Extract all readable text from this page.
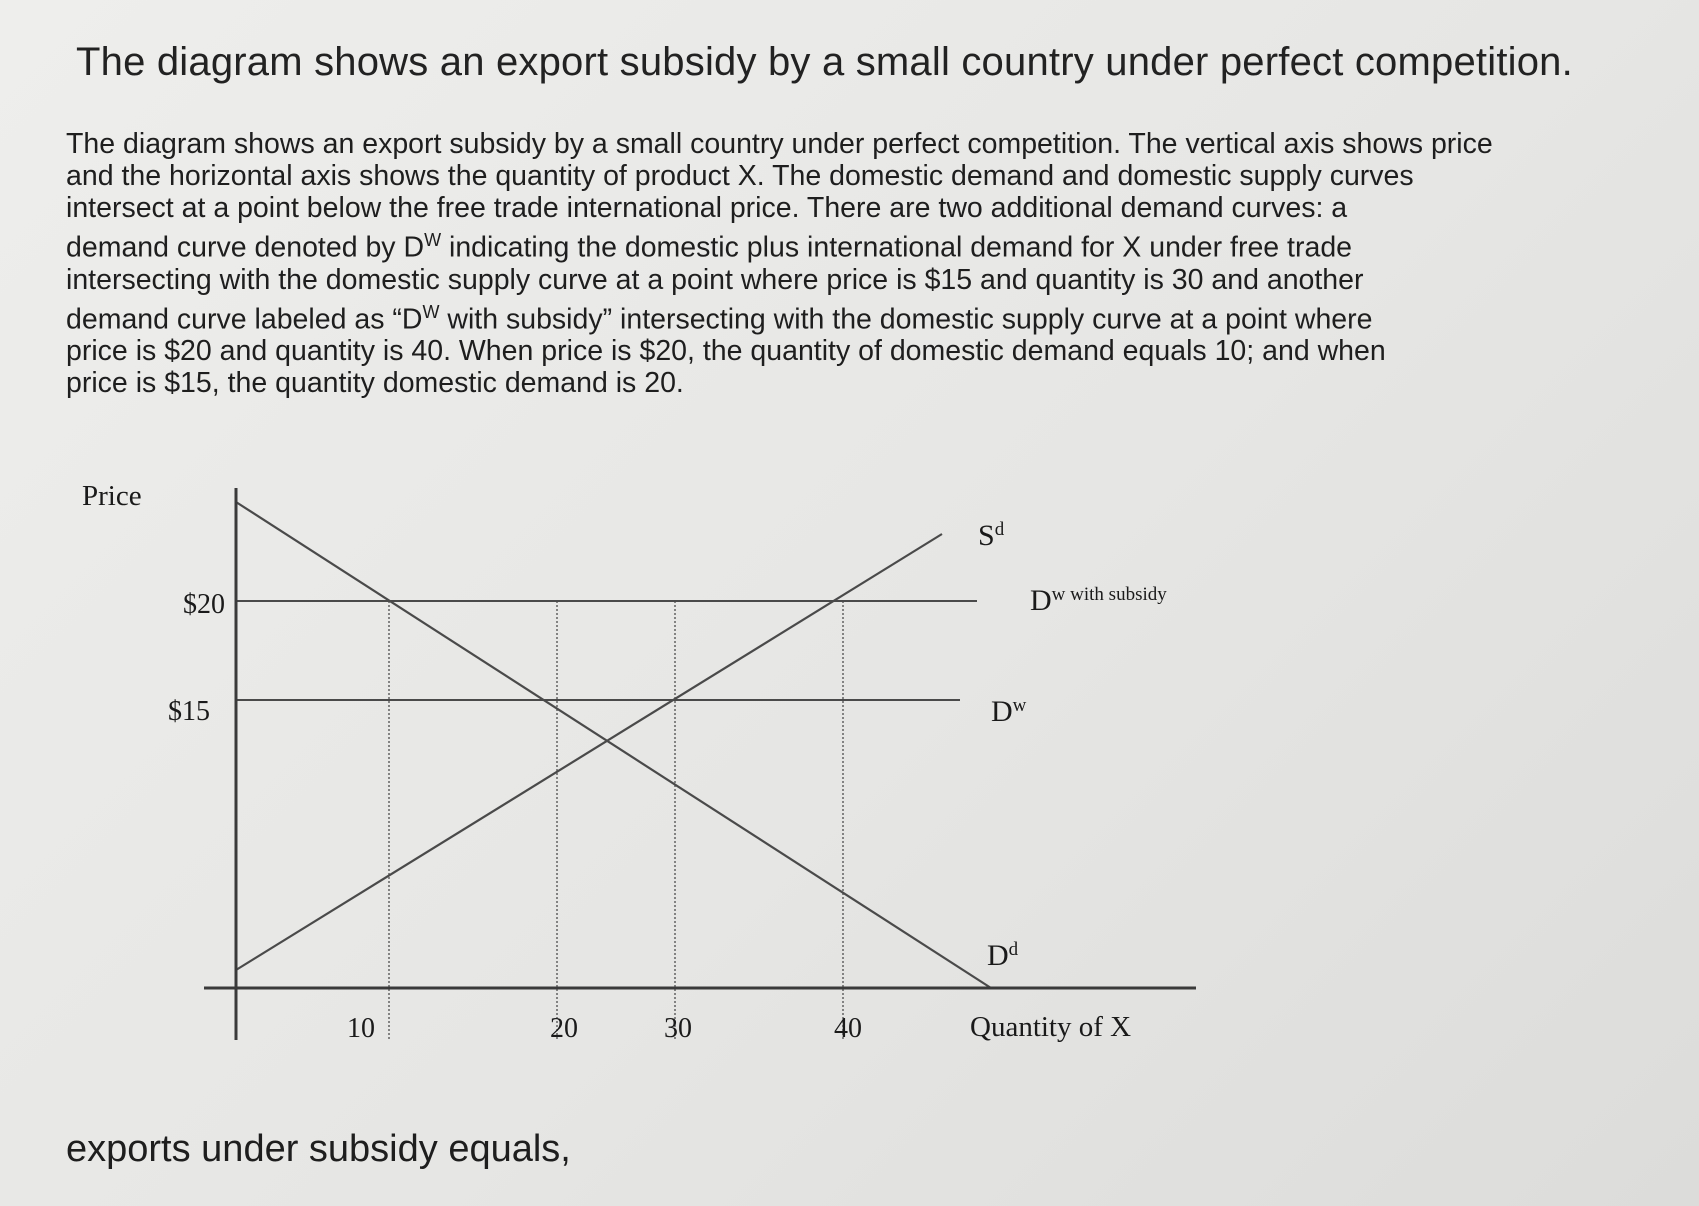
The diagram shows an export subsidy by a small country under perfect competition.
The diagram shows an export subsidy by a small country under perfect competition. The vertical axis shows price
and the horizontal axis shows the quantity of product X. The domestic demand and domestic supply curves
intersect at a point below the free trade international price. There are two additional demand curves: a
demand curve denoted by $D^W$ indicating the domestic plus international demand for X under free trade
intersecting with the domestic supply curve at a point where price is $15 and quantity is 30 and another
demand curve labeled as “$D^W$ with subsidy” intersecting with the domestic supply curve at a point where
price is $20 and quantity is 40. When price is $20, the quantity of domestic demand equals 10; and when
price is $15, the quantity domestic demand is 20.
Price
Quantity of X
$20
$15
10	20	30	40
$S^d$
$D^{w with subsidy}$
$D^w$
$D^d$
exports under subsidy equals,
